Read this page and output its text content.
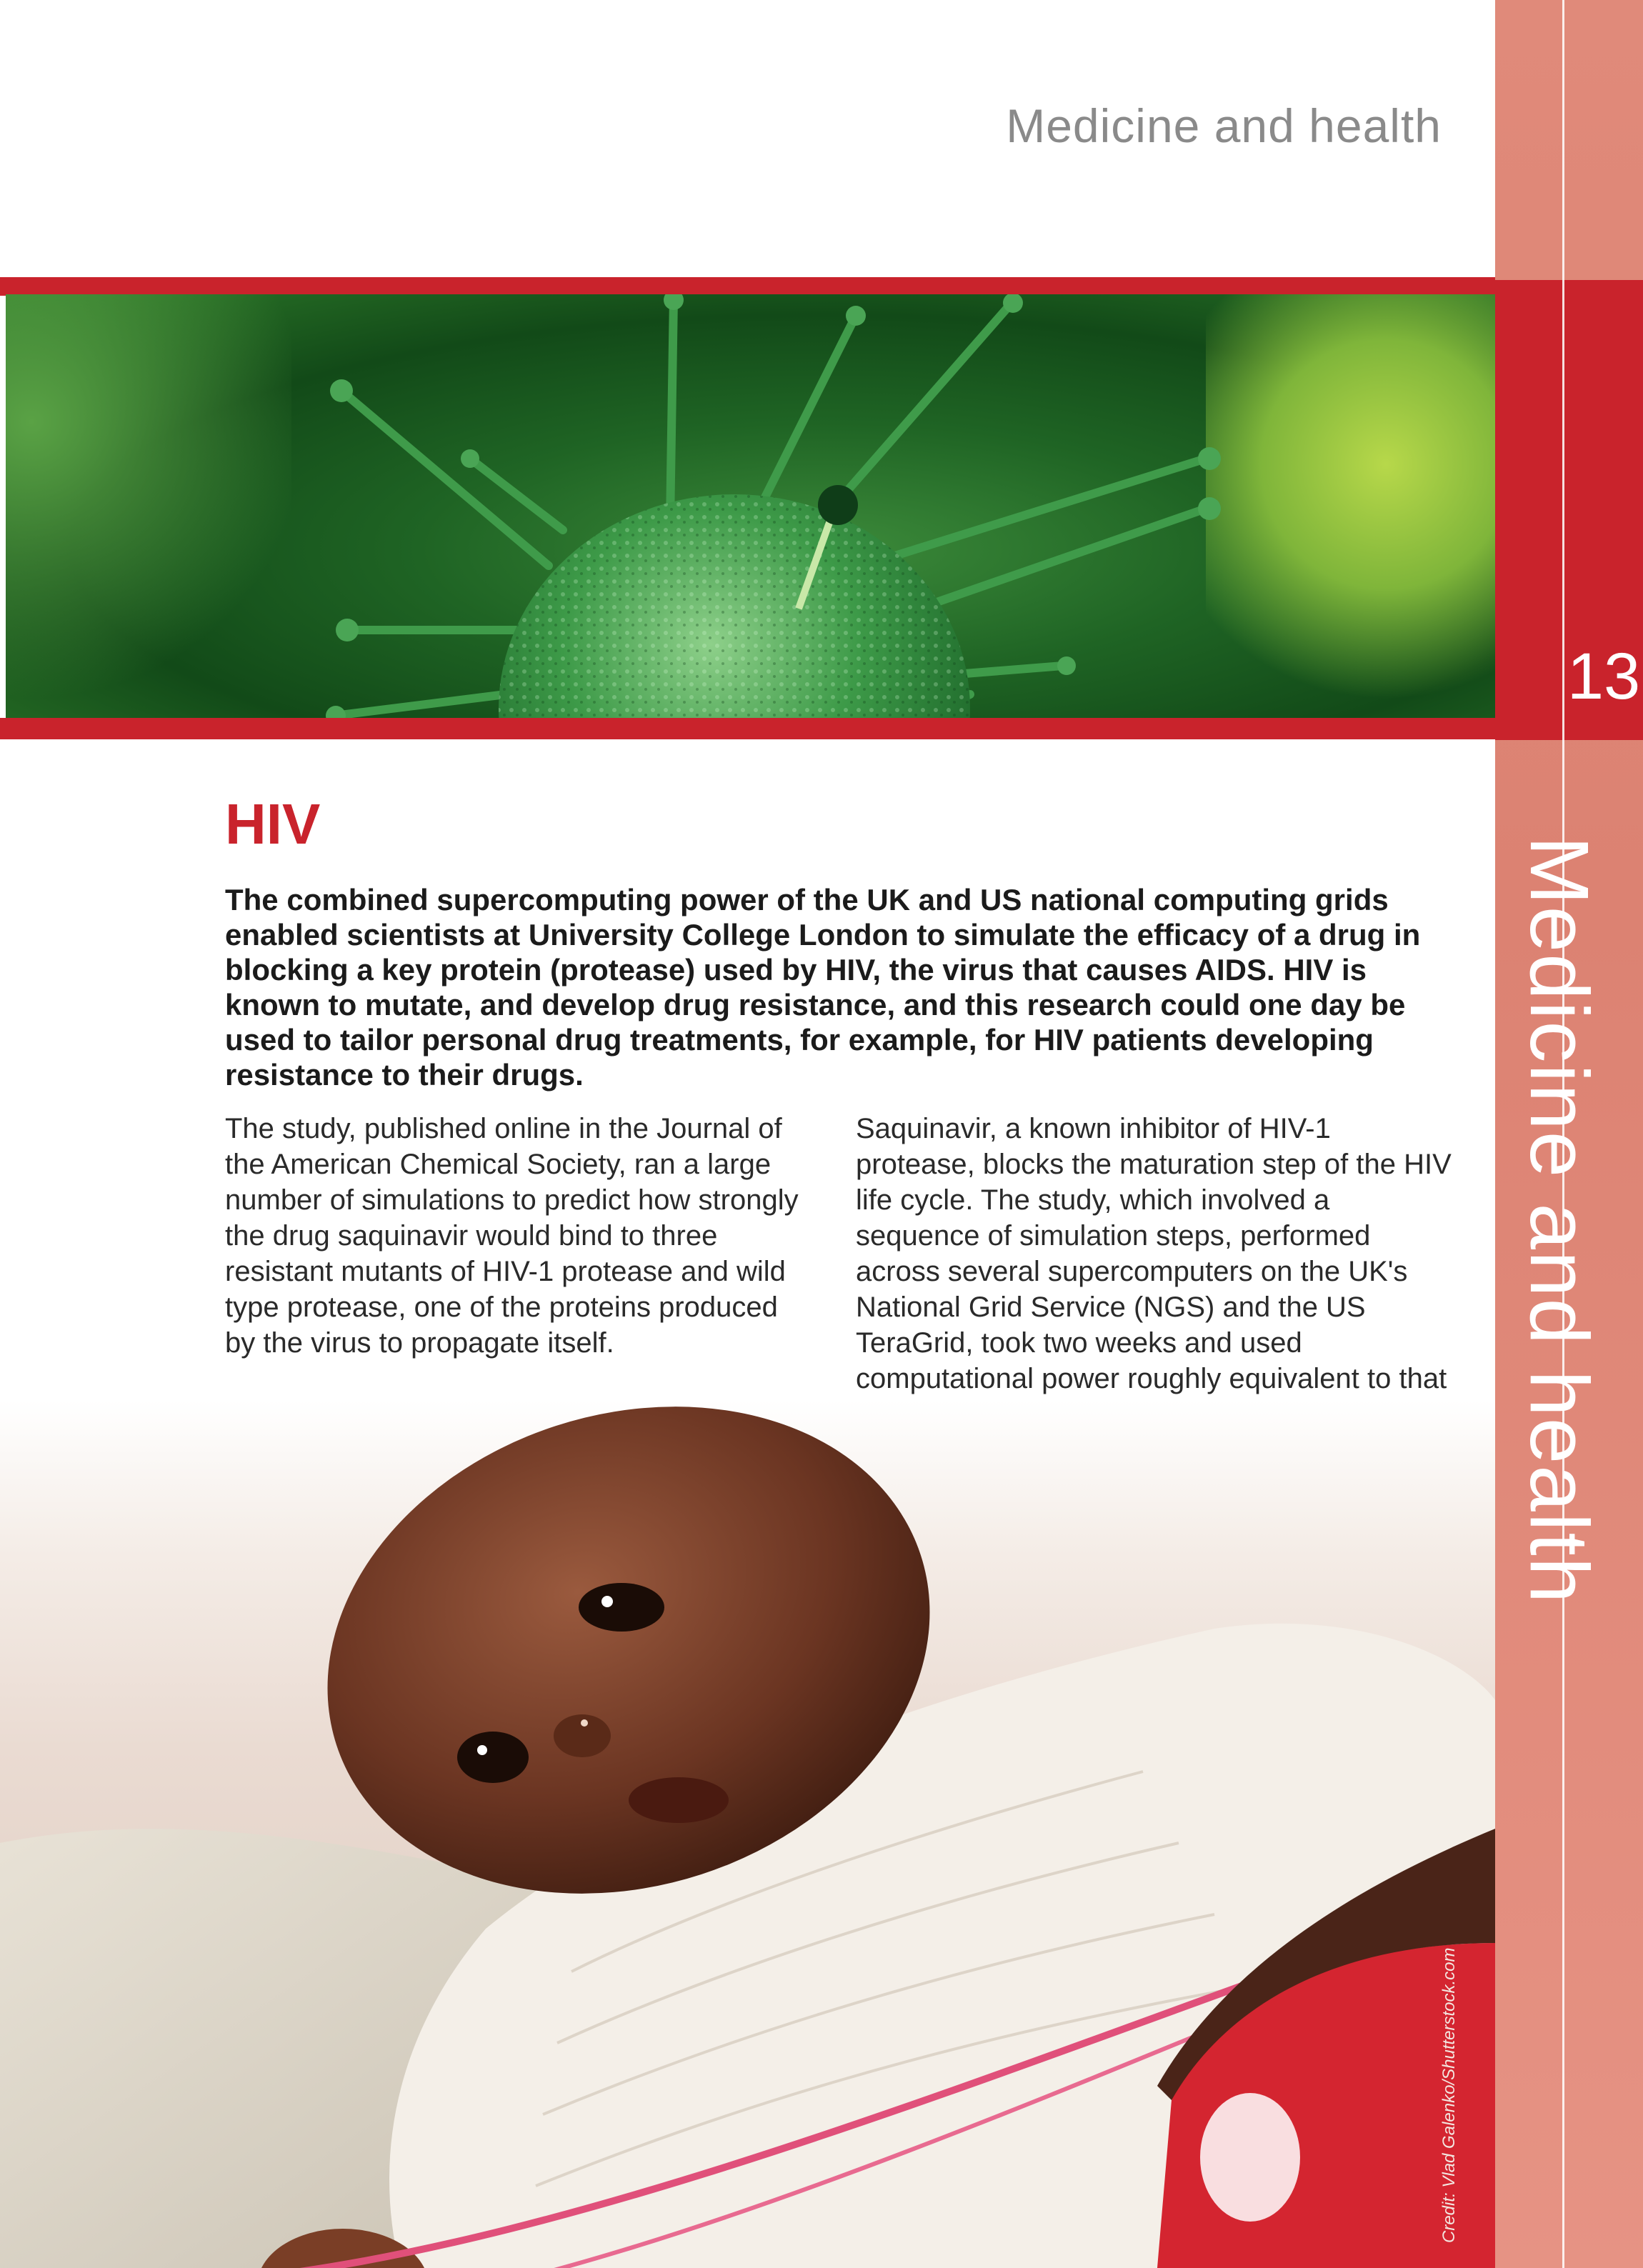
Medicine and health
13
Medicine and health
HIV

The combined supercomputing power of the UK and US national computing grids enabled scientists at University College London to simulate the efficacy of a drug in blocking a key protein (protease) used by HIV, the virus that causes AIDS. HIV is known to mutate, and develop drug resistance, and this research could one day be used to tailor personal drug treatments, for example, for HIV patients developing resistance to their drugs.

The study, published online in the Journal of the American Chemical Society, ran a large number of simulations to predict how strongly the drug saquinavir would bind to three resistant mutants of HIV-1 protease and wild type protease, one of the proteins produced by the virus to propagate itself.

Saquinavir, a known inhibitor of HIV-1 protease, blocks the maturation step of the HIV life cycle. The study, which involved a sequence of simulation steps, performed across several supercomputers on the UK's National Grid Service (NGS) and the US TeraGrid, took two weeks and used computational power roughly equivalent to that

Credit: Vlad Galenko/Shutterstock.com
